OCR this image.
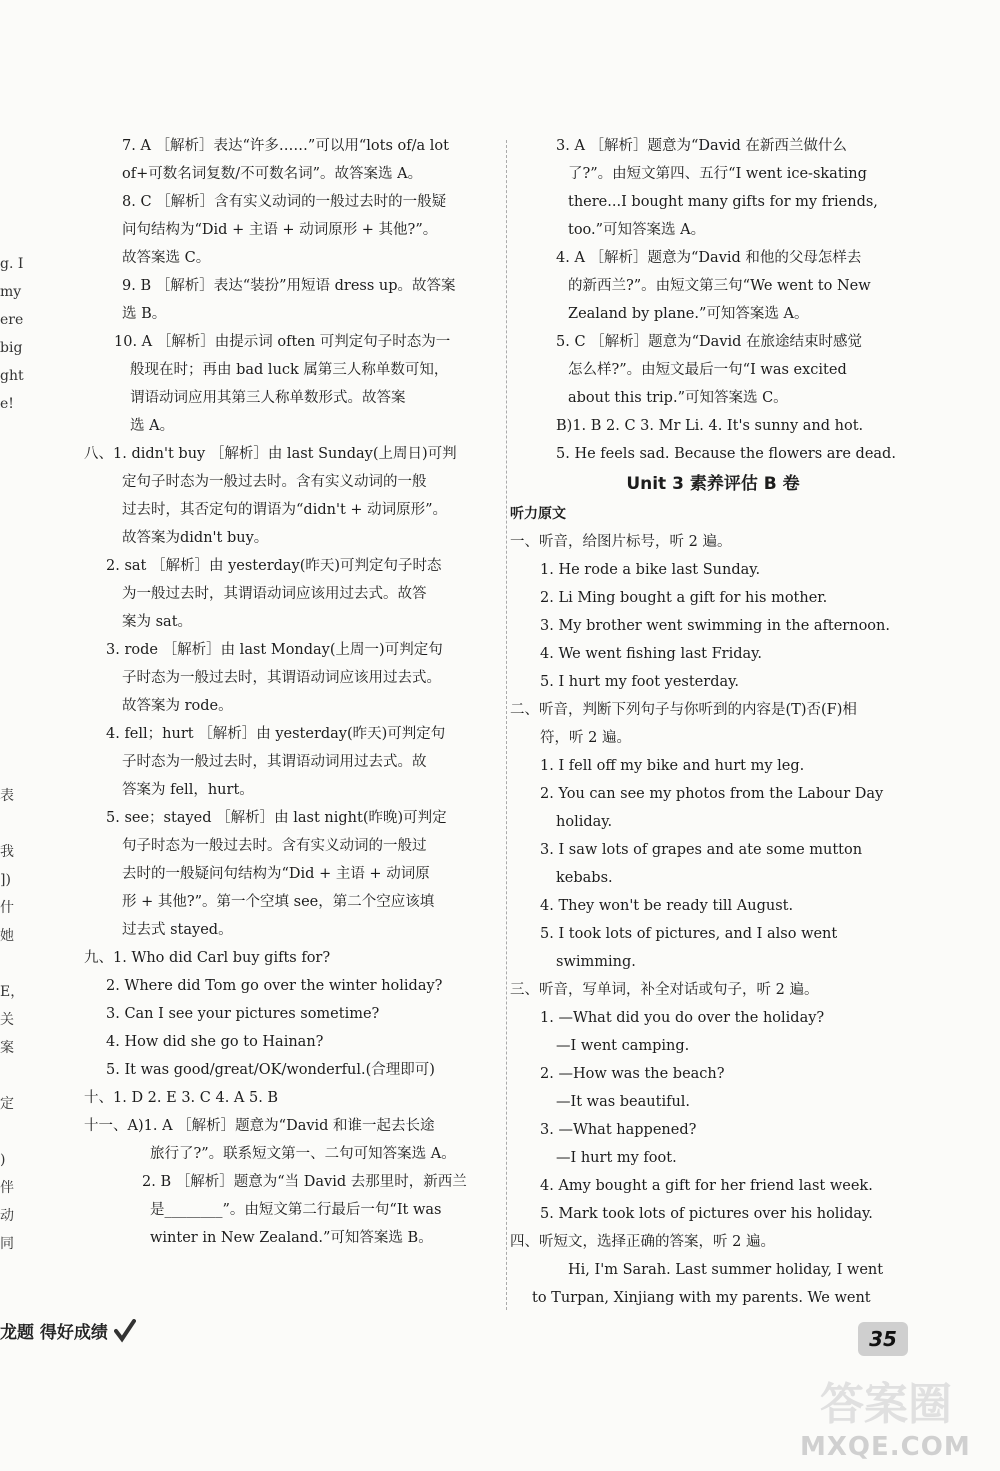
g. I
my
ere
big
ght
e!
表
我
])
什
她
E，
关
案
定
)
伴
动
同
7. A ［解析］表达“许多……”可以用“lots of/a lot
of+可数名词复数/不可数名词”。故答案选 A。
8. C ［解析］含有实义动词的一般过去时的一般疑
问句结构为“Did + 主语 + 动词原形 + 其他?”。
故答案选 C。
9. B ［解析］表达“装扮”用短语 dress up。故答案
选 B。
10. A ［解析］由提示词 often 可判定句子时态为一
般现在时；再由 bad luck 属第三人称单数可知，
谓语动词应用其第三人称单数形式。故答案
选 A。
八、1. didn't buy ［解析］由 last Sunday(上周日)可判
定句子时态为一般过去时。含有实义动词的一般
过去时，其否定句的谓语为“didn't + 动词原形”。
故答案为didn't buy。
2. sat ［解析］由 yesterday(昨天)可判定句子时态
为一般过去时，其谓语动词应该用过去式。故答
案为 sat。
3. rode ［解析］由 last Monday(上周一)可判定句
子时态为一般过去时，其谓语动词应该用过去式。
故答案为 rode。
4. fell；hurt ［解析］由 yesterday(昨天)可判定句
子时态为一般过去时，其谓语动词用过去式。故
答案为 fell，hurt。
5. see；stayed ［解析］由 last night(昨晚)可判定
句子时态为一般过去时。含有实义动词的一般过
去时的一般疑问句结构为“Did + 主语 + 动词原
形 + 其他?”。第一个空填 see，第二个空应该填
过去式 stayed。
九、1. Who did Carl buy gifts for?
2. Where did Tom go over the winter holiday?
3. Can I see your pictures sometime?
4. How did she go to Hainan?
5. It was good/great/OK/wonderful.(合理即可)
十、1. D 2. E 3. C 4. A 5. B
十一、A)1. A ［解析］题意为“David 和谁一起去长途
旅行了?”。联系短文第一、二句可知答案选 A。
2. B ［解析］题意为“当 David 去那里时，新西兰
是________”。由短文第二行最后一句“It was
winter in New Zealand.”可知答案选 B。
3. A ［解析］题意为“David 在新西兰做什么
了?”。由短文第四、五行“I went ice-skating
there...I bought many gifts for my friends,
too.”可知答案选 A。
4. A ［解析］题意为“David 和他的父母怎样去
的新西兰?”。由短文第三句“We went to New
Zealand by plane.”可知答案选 A。
5. C ［解析］题意为“David 在旅途结束时感觉
怎么样?”。由短文最后一句“I was excited
about this trip.”可知答案选 C。
B)1. B 2. C 3. Mr Li. 4. It's sunny and hot.
5. He feels sad. Because the flowers are dead.
Unit 3 素养评估 B 卷
听力原文
一、听音，给图片标号，听 2 遍。
1. He rode a bike last Sunday.
2. Li Ming bought a gift for his mother.
3. My brother went swimming in the afternoon.
4. We went fishing last Friday.
5. I hurt my foot yesterday.
二、听音，判断下列句子与你听到的内容是(T)否(F)相
符，听 2 遍。
1. I fell off my bike and hurt my leg.
2. You can see my photos from the Labour Day
holiday.
3. I saw lots of grapes and ate some mutton
kebabs.
4. They won't be ready till August.
5. I took lots of pictures, and I also went
swimming.
三、听音，写单词，补全对话或句子，听 2 遍。
1. —What did you do over the holiday?
—I went camping.
2. —How was the beach?
—It was beautiful.
3. —What happened?
—I hurt my foot.
4. Amy bought a gift for her friend last week.
5. Mark took lots of pictures over his holiday.
四、听短文，选择正确的答案，听 2 遍。
Hi, I'm Sarah. Last summer holiday, I went
to Turpan, Xinjiang with my parents. We went
龙题 得好成绩	35
答案圈
MXQE.COM
